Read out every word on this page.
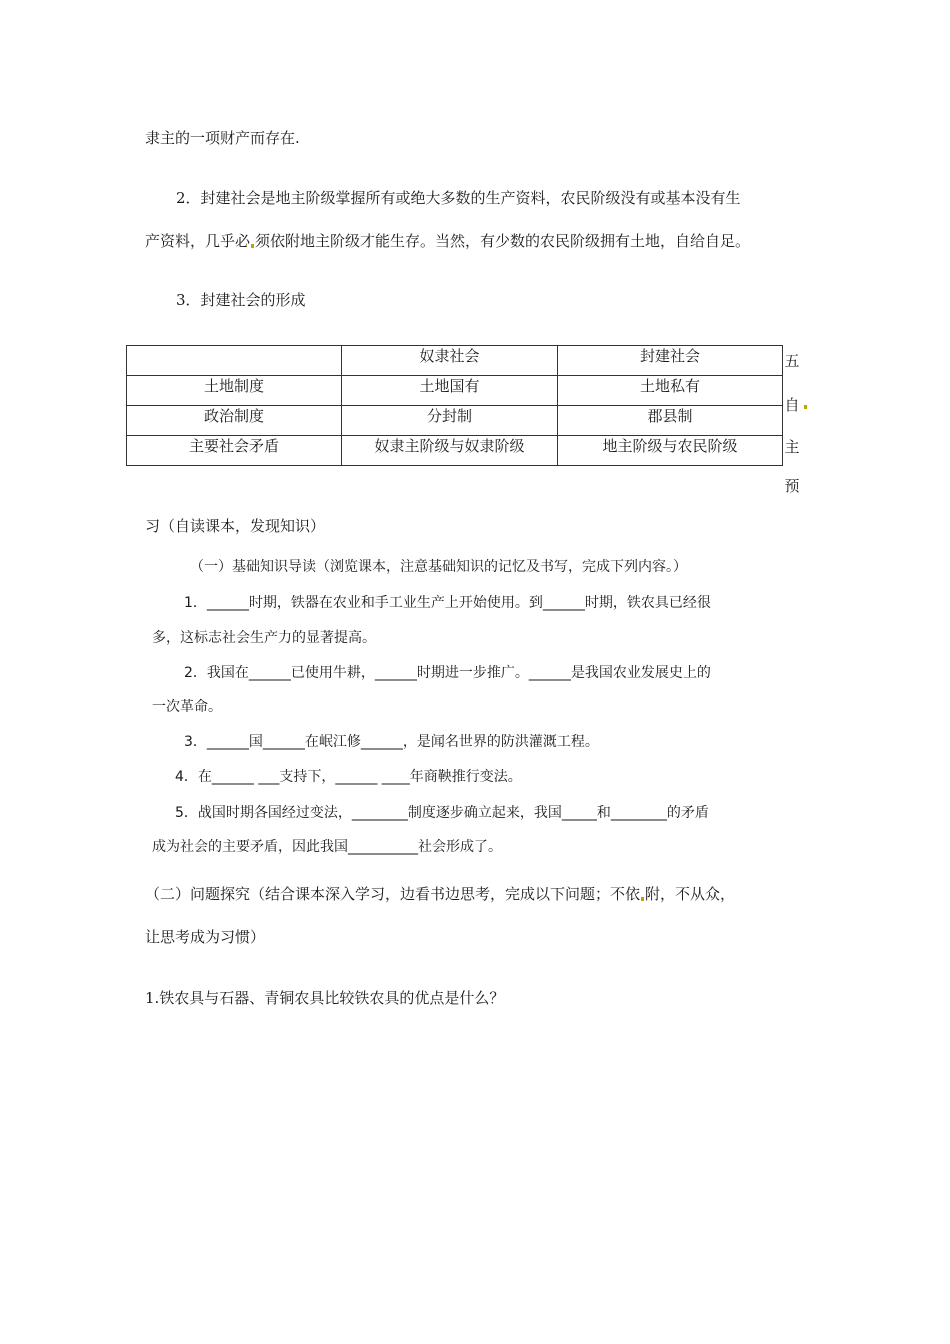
隶主的一项财产而存在.
2．封建社会是地主阶级掌握所有或绝大多数的生产资料，农民阶级没有或基本没有生
产资料，几乎必 须依附地主阶级才能生存。当然，有少数的农民阶级拥有土地，自给自足。
3．封建社会的形成
	奴隶社会	封建社会
土地制度	土地国有	土地私有
政治制度	分封制	郡县制
主要社会矛盾	奴隶主阶级与奴隶阶级	地主阶级与农民阶级
五
自
主
预
习（自读课本，发现知识）
（一）基础知识导读（浏览课本，注意基础知识的记忆及书写，完成下列内容。）
1．______时期，铁器在农业和手工业生产上开始使用。到______时期，铁农具已经很
多，这标志社会生产力的显著提高。
2．我国在______已使用牛耕，______时期进一步推广。______是我国农业发展史上的
一次革命。
3．______国______在岷江修______，是闻名世界的防洪灌溉工程。
4．在______ ___支持下，______ ____年商鞅推行变法。
5．战国时期各国经过变法，________制度逐步确立起来，我国_____和________的矛盾
成为社会的主要矛盾，因此我国__________社会形成了。
（二）问题探究（结合课本深入学习，边看书边思考，完成以下问题；不依 附，不从众，
让思考成为习惯）
1.铁农具与石器、青铜农具比较铁农具的优点是什么？
